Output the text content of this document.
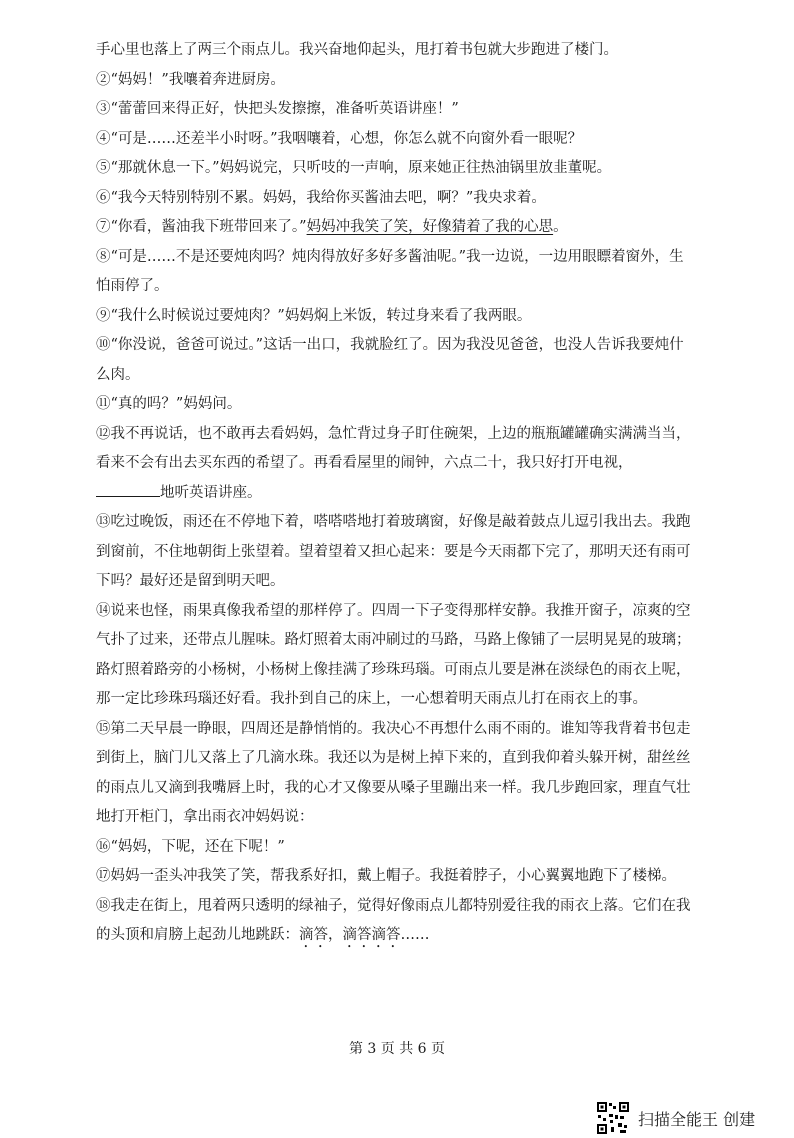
手心里也落上了两三个雨点儿。我兴奋地仰起头，甩打着书包就大步跑进了楼门。

②“妈妈！”我嚷着奔进厨房。

③“蕾蕾回来得正好，快把头发擦擦，准备听英语讲座！”

④“可是……还差半小时呀。”我咽嚷着，心想，你怎么就不向窗外看一眼呢？

⑤“那就休息一下。”妈妈说完，只听吱的一声响，原来她正往热油锅里放韭董呢。

⑥“我今天特别特别不累。妈妈，我给你买酱油去吧，啊？”我央求着。

⑦“你看，酱油我下班带回来了。”妈妈冲我笑了笑，好像猜着了我的心思。

⑧“可是……不是还要炖肉吗？炖肉得放好多好多酱油呢。”我一边说，一边用眼瞟着窗外，生怕雨停了。

⑨“我什么时候说过要炖肉？”妈妈焖上米饭，转过身来看了我两眼。

⑩“你没说，爸爸可说过。”这话一出口，我就脸红了。因为我没见爸爸，也没人告诉我要炖什么肉。

⑪“真的吗？”妈妈问。

⑫我不再说话，也不敢再去看妈妈，急忙背过身子盯住碗架，上边的瓶瓶罐罐确实满满当当，看来不会有出去买东西的希望了。再看看屋里的闹钟，六点二十，我只好打开电视，
地听英语讲座。

⑬吃过晚饭，雨还在不停地下着，嗒嗒嗒地打着玻璃窗，好像是敲着鼓点儿逗引我出去。我跑到窗前，不住地朝街上张望着。望着望着又担心起来：要是今天雨都下完了，那明天还有雨可下吗？最好还是留到明天吧。

⑭说来也怪，雨果真像我希望的那样停了。四周一下子变得那样安静。我推开窗子，凉爽的空气扑了过来，还带点儿腥味。路灯照着太雨冲刷过的马路，马路上像铺了一层明晃晃的玻璃；路灯照着路旁的小杨树，小杨树上像挂满了珍珠玛瑙。可雨点儿要是淋在淡绿色的雨衣上呢，那一定比珍珠玛瑙还好看。我扑到自己的床上，一心想着明天雨点儿打在雨衣上的事。

⑮第二天早晨一睁眼，四周还是静悄悄的。我决心不再想什么雨不雨的。谁知等我背着书包走到街上，脑门儿又落上了几滴水珠。我还以为是树上掉下来的，直到我仰着头躲开树，甜丝丝的雨点儿又滴到我嘴唇上时，我的心才又像要从嗓子里蹦出来一样。我几步跑回家，理直气壮地打开柜门，拿出雨衣冲妈妈说：

⑯“妈妈，下呢，还在下呢！”

⑰妈妈一歪头冲我笑了笑，帮我系好扣，戴上帽子。我挺着脖子，小心翼翼地跑下了楼梯。

⑱我走在街上，甩着两只透明的绿袖子，觉得好像雨点儿都特别爱往我的雨衣上落。它们在我的头顶和肩膀上起劲儿地跳跃：滴答，滴答滴答……

第 3 页 共 6 页
扫描全能王 创建
